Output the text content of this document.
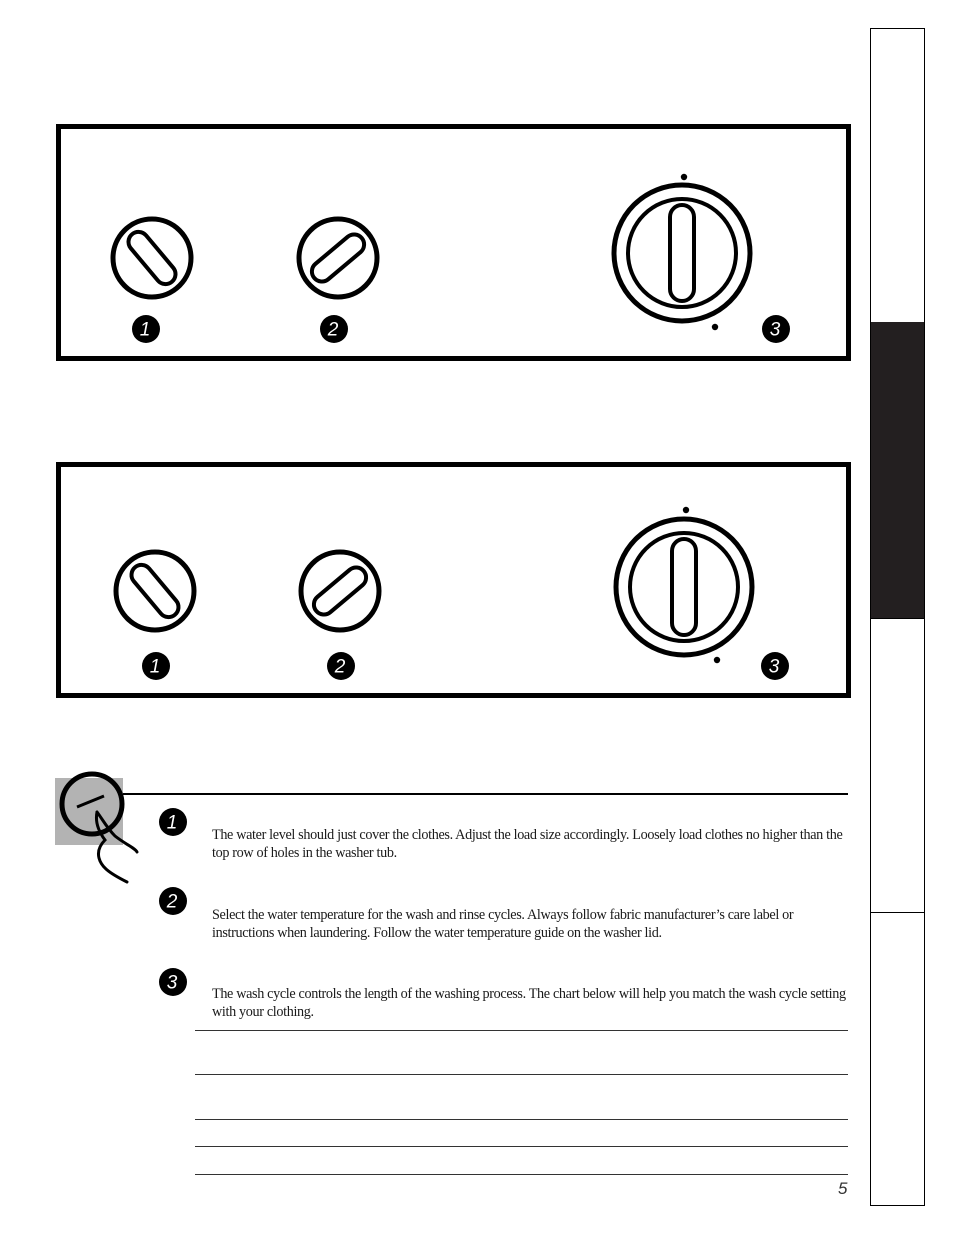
1	2	3
1	2	3
1
The water level should just cover the clothes. Adjust the load size accordingly. Loosely load clothes no higher than the top row of holes in the washer tub.
2
Select the water temperature for the wash and rinse cycles. Always follow fabric manufacturer’s care label or instructions when laundering. Follow the water temperature guide on the washer lid.
3
The wash cycle controls the length of the washing process. The chart below will help you match the wash cycle setting with your clothing.
5
